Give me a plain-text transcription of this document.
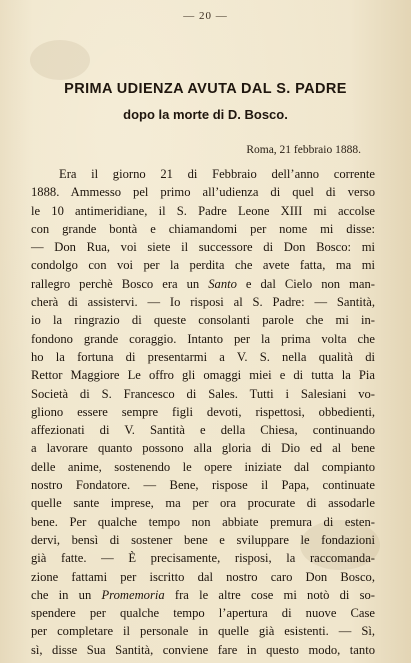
— 20 —
PRIMA UDIENZA AVUTA DAL S. PADRE
dopo la morte di D. Bosco.
Roma, 21 febbraio 1888.
Era il giorno 21 di Febbraio dell’anno corrente
1888. Ammesso pel primo all’udienza di quel di verso
le 10 antimeridiane, il S. Padre Leone XIII mi accolse
con grande bontà e chiamandomi per nome mi disse:
— Don Rua, voi siete il successore di Don Bosco: mi
condolgo con voi per la perdita che avete fatta, ma mi
rallegro perchè Bosco era un Santo e dal Cielo non man-
cherà di assistervi. — Io risposi al S. Padre: — Santità,
io la ringrazio di queste consolanti parole che mi in-
fondono grande coraggio. Intanto per la prima volta che
ho la fortuna di presentarmi a V. S. nella qualità di
Rettor Maggiore Le offro gli omaggi miei e di tutta la Pia
Società di S. Francesco di Sales. Tutti i Salesiani vo-
gliono essere sempre figli devoti, rispettosi, obbedienti,
affezionati di V. Santità e della Chiesa, continuando
a lavorare quanto possono alla gloria di Dio ed al bene
delle anime, sostenendo le opere iniziate dal compianto
nostro Fondatore. — Bene, rispose il Papa, continuate
quelle sante imprese, ma per ora procurate di assodarle
bene. Per qualche tempo non abbiate premura di esten-
dervi, bensì di sostener bene e sviluppare le fondazioni
già fatte. — È precisamente, risposi, la raccomanda-
zione fattami per iscritto dal nostro caro Don Bosco,
che in un Promemoria fra le altre cose mi notò di so-
spendere per qualche tempo l’apertura di nuove Case
per completare il personale in quelle già esistenti. — Sì,
sì, disse Sua Santità, conviene fare in questo modo, tanto
